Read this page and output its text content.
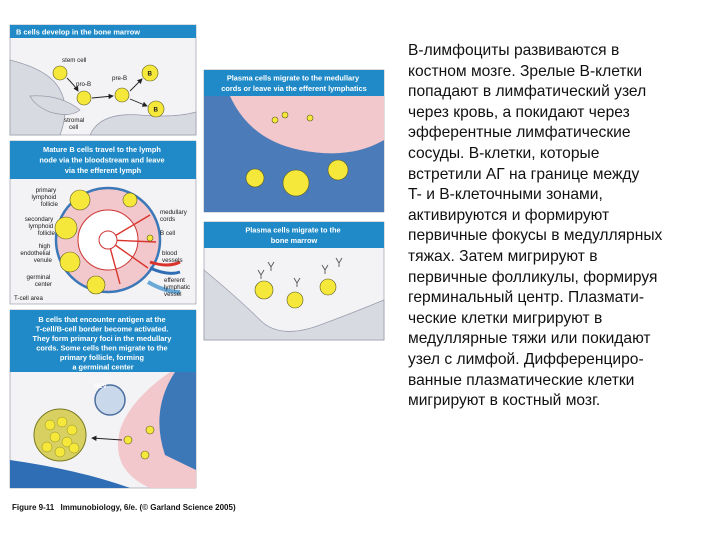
B cells develop in the bone marrow
stem cell
pro-B
pre-B
B
B
stromal
cell
Mature B cells travel to the lymph node via the bloodstream and leave via the efferent lymph
primary lymphoid follicle
secondary lymphoid follicle
high endothelial venule
germinal center
T-cell area
medullary cords
B cell
blood vessels
efferent lymphatic vessel
B cells that encounter antigen at the T-cell/B-cell border become activated. They form primary foci in the medullary cords. Some cells then migrate to the primary follicle, forming a germinal center
HEV
Plasma cells migrate to the medullary cords or leave via the efferent lymphatics
Plasma cells migrate to the bone marrow
Figure 9-11 Immunobiology, 6/e. (© Garland Science 2005)
B-лимфоциты развиваются в
костном мозге. Зрелые B-клетки
попадают в лимфатический узел
через кровь, а покидают через
эфферентные лимфатические
сосуды. B-клетки, которые
встретили АГ на границе между
T- и B-клеточными зонами,
активируются и формируют
первичные фокусы в медуллярных
тяжах. Затем мигрируют в
первичные фолликулы, формируя
герминальный центр. Плазмати-
ческие клетки мигрируют в
медуллярные тяжи или покидают
узел с лимфой. Дифференциро-
ванные плазматические клетки
мигрируют в костный мозг.
